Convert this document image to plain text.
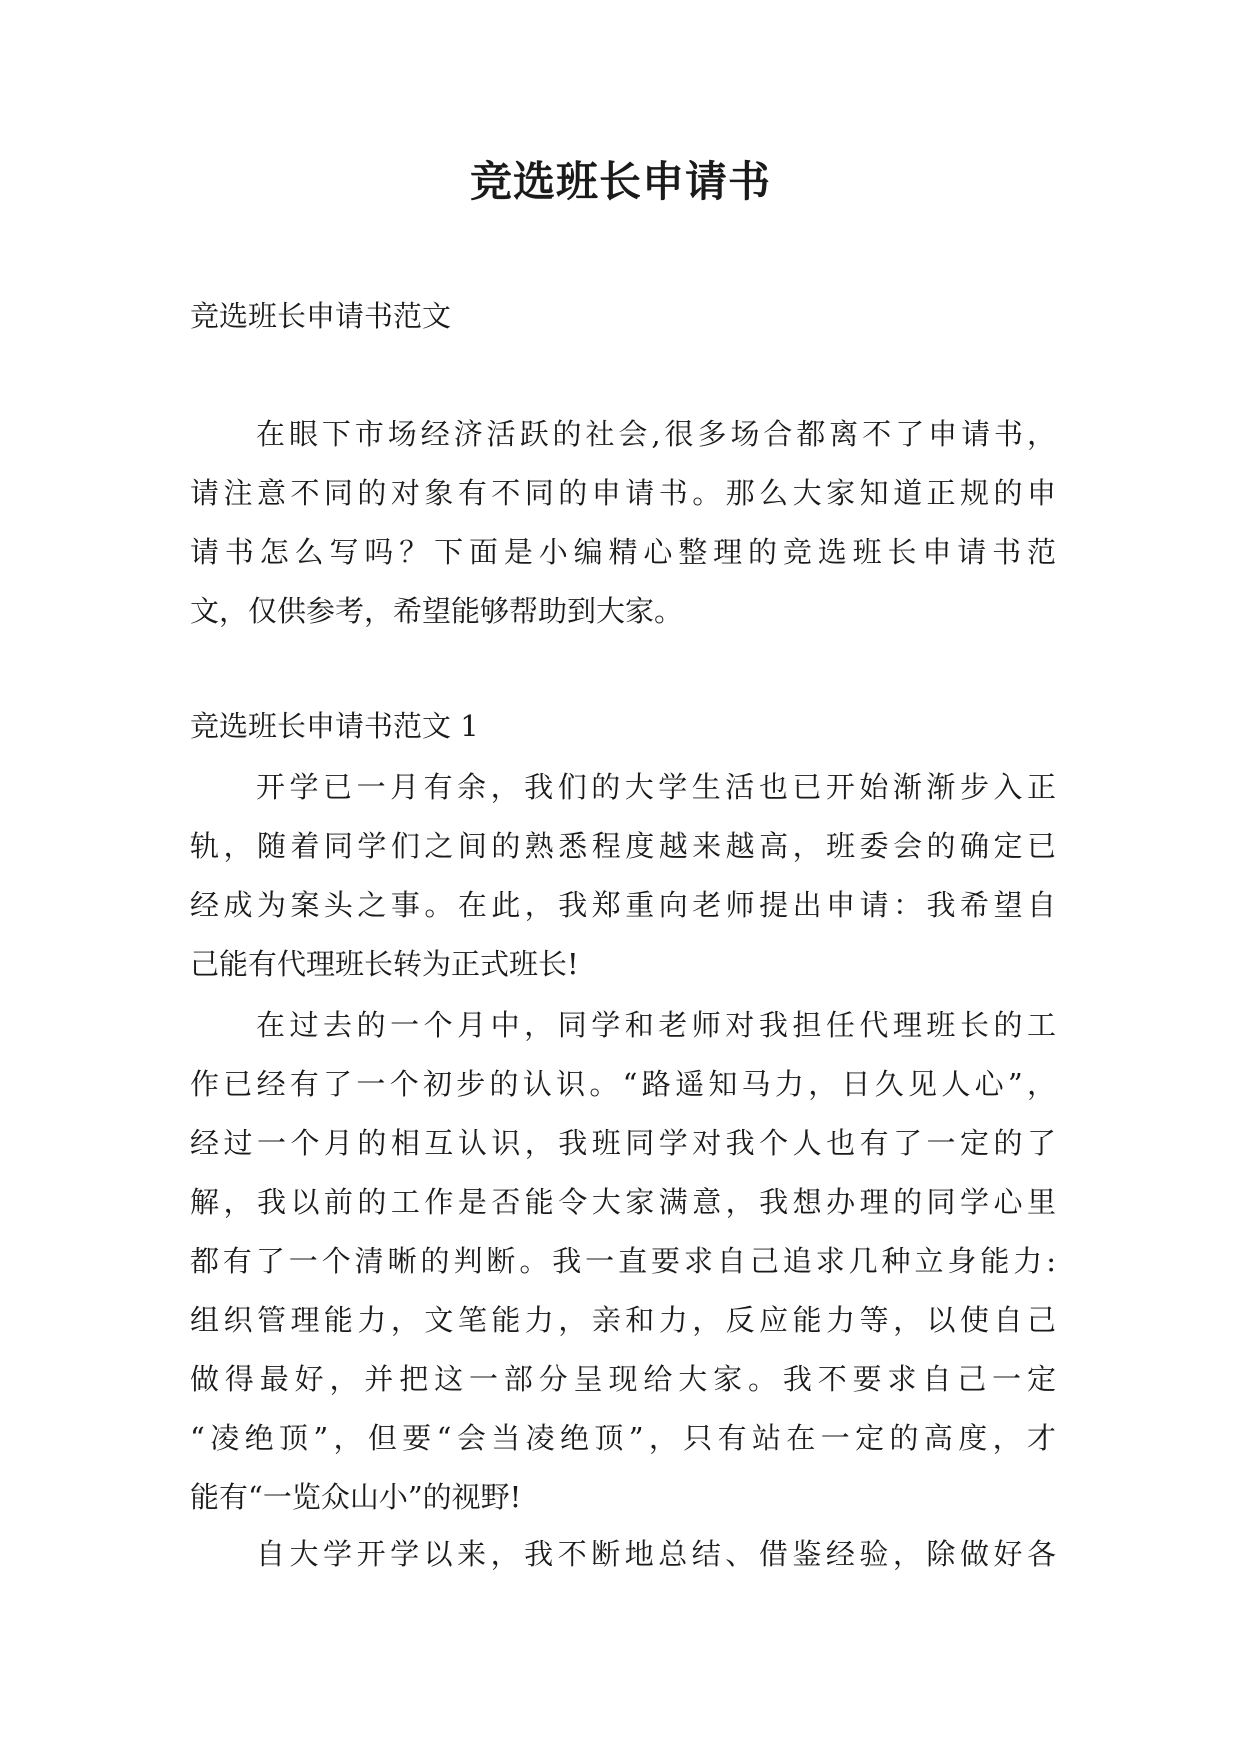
竞选班长申请书

竞选班长申请书范文

在眼下市场经济活跃的社会,很多场合都离不了申请书，
请注意不同的对象有不同的申请书。那么大家知道正规的申
请书怎么写吗？下面是小编精心整理的竞选班长申请书范
文，仅供参考，希望能够帮助到大家。

竞选班长申请书范文 1

开学已一月有余，我们的大学生活也已开始渐渐步入正
轨，随着同学们之间的熟悉程度越来越高，班委会的确定已
经成为案头之事。在此，我郑重向老师提出申请：我希望自
己能有代理班长转为正式班长!
在过去的一个月中，同学和老师对我担任代理班长的工
作已经有了一个初步的认识。“路遥知马力，日久见人心”，
经过一个月的相互认识，我班同学对我个人也有了一定的了
解，我以前的工作是否能令大家满意，我想办理的同学心里
都有了一个清晰的判断。我一直要求自己追求几种立身能力:
组织管理能力，文笔能力，亲和力，反应能力等，以使自己
做得最好，并把这一部分呈现给大家。我不要求自己一定
“凌绝顶”，但要“会当凌绝顶”，只有站在一定的高度，才
能有“一览众山小”的视野!
自大学开学以来，我不断地总结、借鉴经验，除做好各
